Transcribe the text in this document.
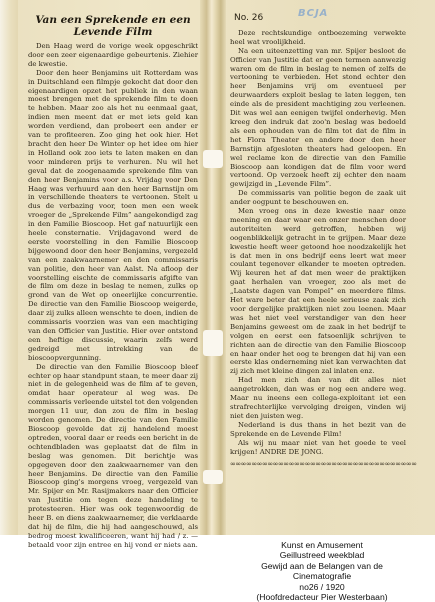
BCJA
Van een Sprekende en een
Levende Film

Den Haag werd de vorige week opgeschrikt door een zeer eigenaardige gebeurtenis. Ziehier de kwestie.

Door den heer Benjamins uit Rotterdam was in Duitschland een filmpje gekocht dat door den eigenaardigen opzet het publiek in den waan moest brengen met de sprekende film te doen te hebben. Maar zoo als het nu eenmaal gaat, indien men meent dat er met iets geld kan worden verdiend, dan probeert een ander er van te profiteeren. Zoo ging het ook hier. Het bracht den heer De Winter op het idee om hier in Holland ook zoo iets te laten maken en dan voor minderen prijs te verhuren. Nu wil het geval dat de zoogenaamde sprekende film van den heer Benjamins voor a.s. Vrijdag voor Den Haag was verhuurd aan den heer Barnstijn om in verschillende theaters te vertoonen. Stelt u dus de verbazing voor, toen men een week vroeger de „Sprekende Film” aangekondigd zag in den Familie Bioscoop. Het gaf natuurlijk een heele consternatie. Vrijdagavond werd de eerste voorstelling in den Familie Bioscoop bijgewoond door den heer Benjamins, vergezeld van een zaakwaarnemer en den commissaris van politie, den heer van Aalst. Na afloop der voorstelling eischte de commissaris afgifte van de film om deze in beslag te nemen, zulks op grond van de Wet op oneerlijke concurrentie. De directie van den Familie Bioscoop weigerde, daar zij zulks alleen wenschte te doen, indien de commissaris voorzien was van een machtiging van den Officier van Justitie. Hier over ontstond een heftige discussie, waarin zelfs werd gedreigd met intrekking van de bioscoopvergunning.

De directie van den Familie Bioscoop bleef echter op haar standpunt staan, te meer daar zij niet in de gelegenheid was de film af te geven, omdat haar operateur al weg was. De commissaris verleende uitstel tot den volgenden morgen 11 uur, dan zou de film in beslag worden genomen. De directie van den Familie Bioscoop gevolde dat zij handelend moest optreden, vooral daar er reeds een bericht in de ochtendbladen was geplaatst dat de film in beslag was genomen. Dit berichtje was opgegeven door den zaakwaarnemer van den heer Benjamins. De directie van den Familie Bioscoop ging's morgens vroeg, vergezeld van Mr. Spijer en Mr. Rasijmakers naar den Officier van Justitie om tegen deze handeling te protesteeren. Hier was ook tegenwoordig de heer B. en diens zaakwaarnemer, die verklaarde dat hij de film, die hij had aangeschouwd, als bedrog moest kwalificeeren, want hij had / z. — betaald voor zijn entree en hij vond er niets aan.

No. 26

Deze rechtskundige ontboezeming verwekte heel wat vroolijkheid.

Na een uiteenzetting van mr. Spijer besloot de Officier van Justitie dat er geen termen aanwezig waren om de film in beslag te nemen of zelfs de vertooning te verbieden. Het stond echter den heer Benjamins vrij om eventueel per deurwaarders exploit beslag te laten leggen, ten einde als de president machtiging zou verleenen. Dit was wel aan eenigen twijfel onderhevig. Men kreeg den indruk dat zoo'n beslag was bedoeld als een ophouden van de film tot dat de film in het Flora Theater en andere door den heer Barnstijn afgesloten theaters had geloopen. En wel reclame kon de directie van den Familie Bioscoop aan kondigen dat de film voor werd vertoond. Op verzoek heeft zij echter den naam gewijzigd in „Levende Film”.

De commissaris van politie begon de zaak uit ander oogpunt te beschouwen en.

Men vroeg ons in deze kwestie naar onze meening en daar waar een onzer menschen door autoriteiten werd getroffen, hebben wij oogenblikkelijk getracht in te grijpen. Maar deze kwestie heeft weer getoond hoe noodzakelijk het is dat men in ons bedrijf eens leert wat meer coulant tegenover elkander te moeten optreden. Wij keuren het af dat men weer de praktijken gaat herhalen van vroeger, zoo als met de „Laatste dagen van Pompeï” en meerdere films. Het ware beter dat een heele serieuse zaak zich voor dergelijke praktijken niet zou leenen. Maar was het niet veel verstandiger van den heer Benjamins geweest om de zaak in het bedrijf te volgen en eerst een fatsoenlijk schrijven te richten aan de directie van den Familie Bioscoop en haar onder het oog te brengen dat hij van een eerste klas onderneming niet kan verwachten dat zij zich met kleine dingen zal inlaten enz.

Had men zich dan van dit alles niet aangetrokken, dan was er nog een andere weg. Maar nu ineens een collega-exploitant iet een strafrechterlijke vervolging dreigen, vinden wij niet den juisten weg.

Nederland is dus thans in het bezit van de Sprekende en de Levende Film!

Als wij nu maar niet van het goede te veel krijgen! ANDRE DE JONG.

∞∞∞∞∞∞∞∞∞∞∞∞∞∞∞∞∞∞∞∞∞∞∞∞∞∞∞∞∞∞∞∞∞∞∞
Kunst en Amusement
Geillustreed weekblad
Gewijd aan de Belangen van de
Cinematografie
no26 / 1920
(Hoofdredacteur Pier Westerbaan)
